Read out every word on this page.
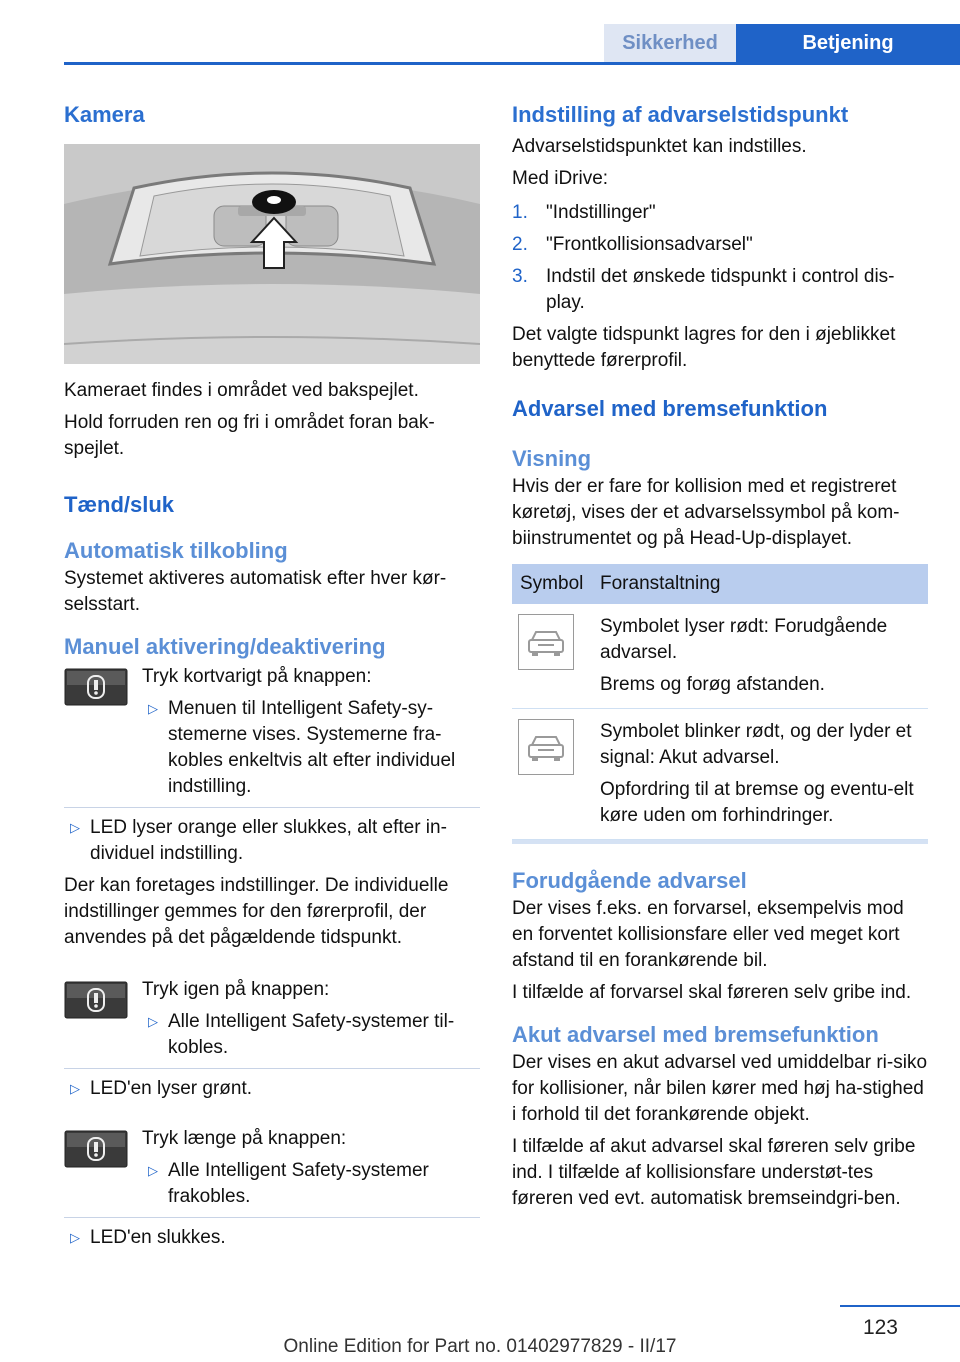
Sikkerhed	Betjening
Kamera

Kameraet findes i området ved bakspejlet.

Hold forruden ren og fri i området foran bak-spejlet.

Tænd/sluk
Automatisk tilkobling

Systemet aktiveres automatisk efter hver kør-selsstart.

Manuel aktivering/deaktivering

Tryk kortvarigt på knappen:

▷ Menuen til Intelligent Safety-sy-stemerne vises. Systemerne fra-kobles enkeltvis alt efter individuel indstilling.
▷ LED lyser orange eller slukkes, alt efter in-dividuel indstilling.

Der kan foretages indstillinger. De individuelle indstillinger gemmes for den førerprofil, der anvendes på det pågældende tidspunkt.

Tryk igen på knappen:

▷ Alle Intelligent Safety-systemer til-kobles.
▷ LED'en lyser grønt.

Tryk længe på knappen:

▷ Alle Intelligent Safety-systemer frakobles.
▷ LED'en slukkes.
Indstilling af advarselstidspunkt

Advarselstidspunktet kan indstilles.

Med iDrive:

1. "Indstillinger"
2. "Frontkollisionsadvarsel"
3. Indstil det ønskede tidspunkt i control dis-play.

Det valgte tidspunkt lagres for den i øjeblikket benyttede førerprofil.

Advarsel med bremsefunktion
Visning

Hvis der er fare for kollision med et registreret køretøj, vises der et advarselssymbol på kom-biinstrumentet og på Head-Up-displayet.

Symbol	Foranstaltning

Symbolet lyser rødt: Forudgående advarsel.

Brems og forøg afstanden.

Symbolet blinker rødt, og der lyder et signal: Akut advarsel.

Opfordring til at bremse og eventu-elt køre uden om forhindringer.

Forudgående advarsel

Der vises f.eks. en forvarsel, eksempelvis mod en forventet kollisionsfare eller ved meget kort afstand til en forankørende bil.

I tilfælde af forvarsel skal føreren selv gribe ind.

Akut advarsel med bremsefunktion

Der vises en akut advarsel ved umiddelbar ri-siko for kollisioner, når bilen kører med høj ha-stighed i forhold til det forankørende objekt.

I tilfælde af akut advarsel skal føreren selv gribe ind. I tilfælde af kollisionsfare understøt-tes føreren ved evt. automatisk bremseindgri-ben.

123
Online Edition for Part no. 01402977829 - II/17
